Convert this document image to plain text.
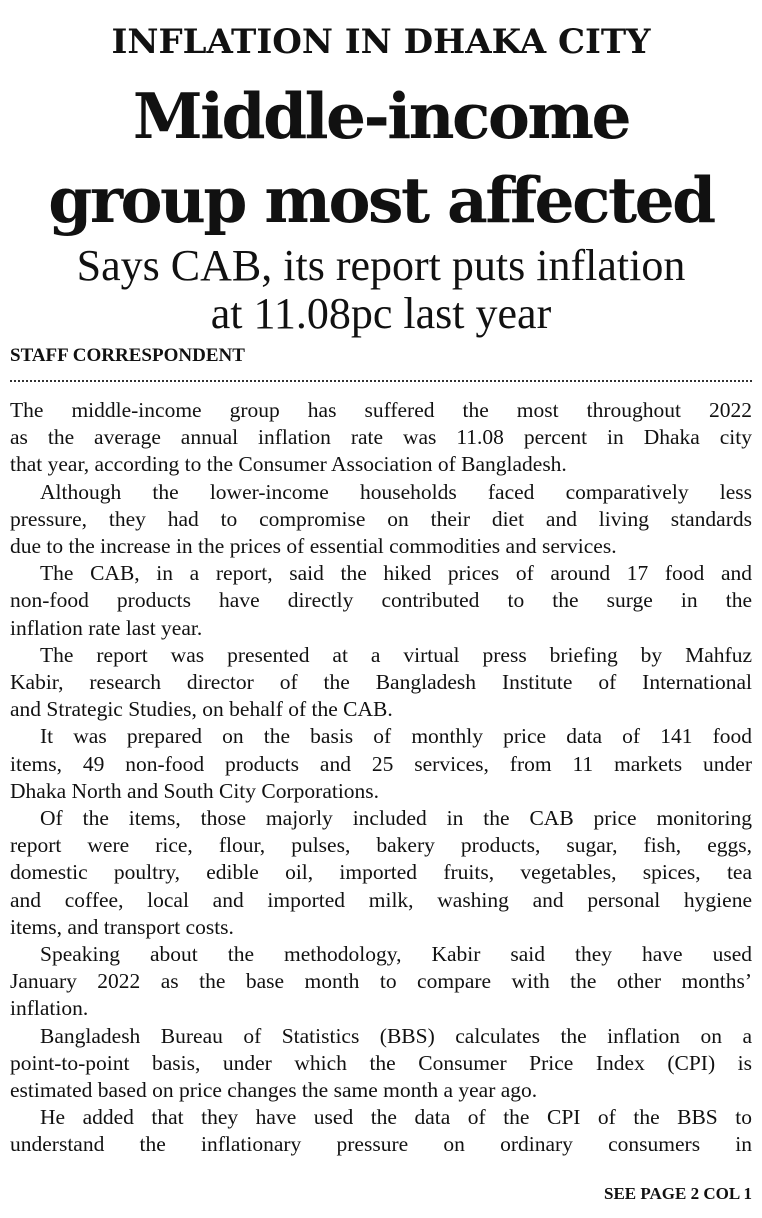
INFLATION IN DHAKA CITY
Middle-income
group most affected
Says CAB, its report puts inflation
at 11.08pc last year
STAFF CORRESPONDENT

The middle-income group has suffered the most throughout 2022
as the average annual inflation rate was 11.08 percent in Dhaka city
that year, according to the Consumer Association of Bangladesh.

Although the lower-income households faced comparatively less
pressure, they had to compromise on their diet and living standards
due to the increase in the prices of essential commodities and services.

The CAB, in a report, said the hiked prices of around 17 food and
non-food products have directly contributed to the surge in the
inflation rate last year.

The report was presented at a virtual press briefing by Mahfuz
Kabir, research director of the Bangladesh Institute of International
and Strategic Studies, on behalf of the CAB.

It was prepared on the basis of monthly price data of 141 food
items, 49 non-food products and 25 services, from 11 markets under
Dhaka North and South City Corporations.

Of the items, those majorly included in the CAB price monitoring
report were rice, flour, pulses, bakery products, sugar, fish, eggs,
domestic poultry, edible oil, imported fruits, vegetables, spices, tea
and coffee, local and imported milk, washing and personal hygiene
items, and transport costs.

Speaking about the methodology, Kabir said they have used
January 2022 as the base month to compare with the other months’
inflation.

Bangladesh Bureau of Statistics (BBS) calculates the inflation on a
point-to-point basis, under which the Consumer Price Index (CPI) is
estimated based on price changes the same month a year ago.

He added that they have used the data of the CPI of the BBS to
understand the inflationary pressure on ordinary consumers in

SEE PAGE 2 COL 1
